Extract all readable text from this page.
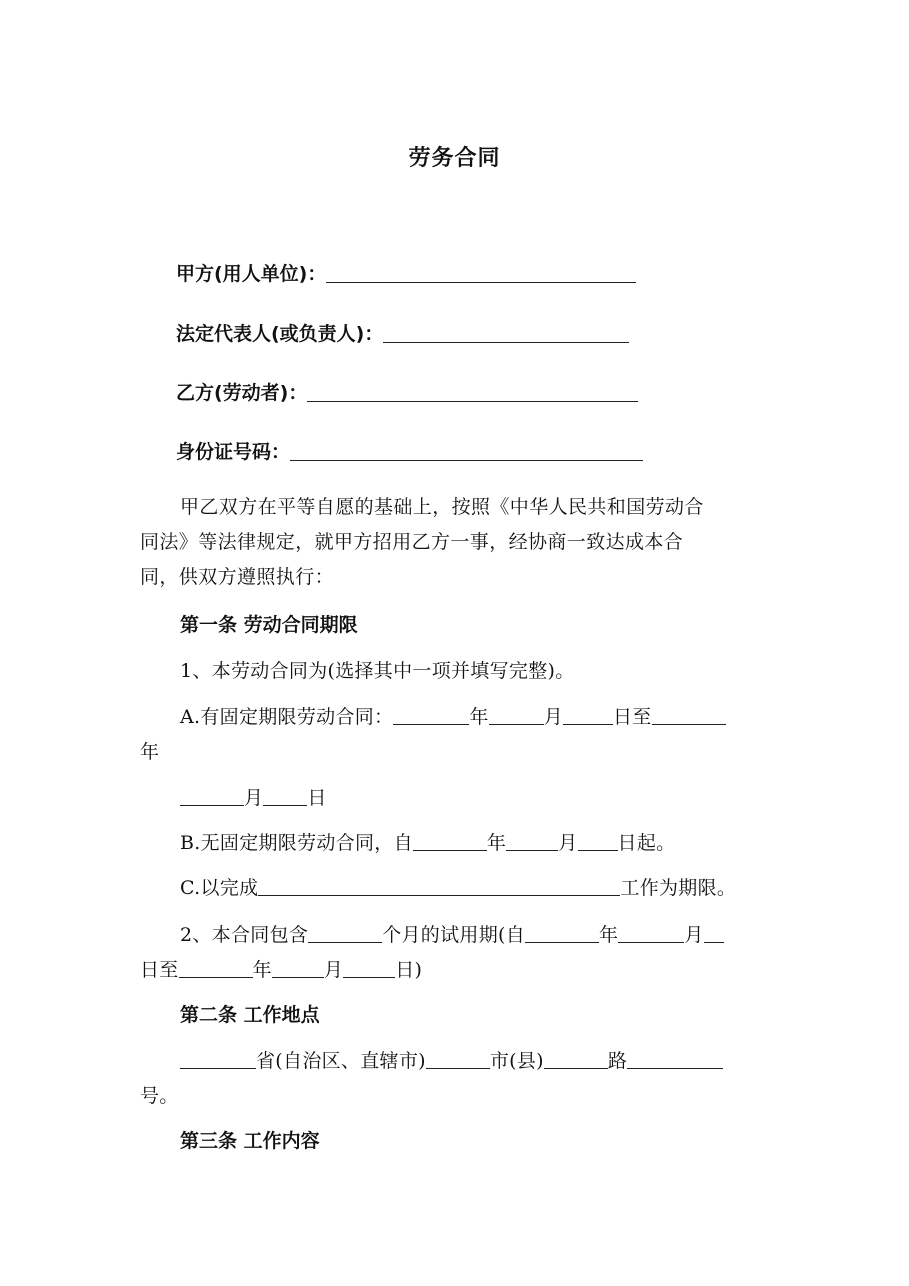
劳务合同
甲方(用人单位)：
法定代表人(或负责人)：
乙方(劳动者)：
身份证号码：
甲乙双方在平等自愿的基础上，按照《中华人民共和国劳动合
同法》等法律规定，就甲方招用乙方一事，经协商一致达成本合
同，供双方遵照执行：
第一条 劳动合同期限
1、本劳动合同为(选择其中一项并填写完整)。
A.有固定期限劳动合同：	年	月	日至
年
月 日
B.无固定期限劳动合同，自	年	月 日起。
C.以完成	工作为期限。
2、本合同包含	个月的试用期(自	年	月
日至	年	月	日)
第二条 工作地点
省(自治区、直辖市)	市(县)	路
号。
第三条 工作内容
